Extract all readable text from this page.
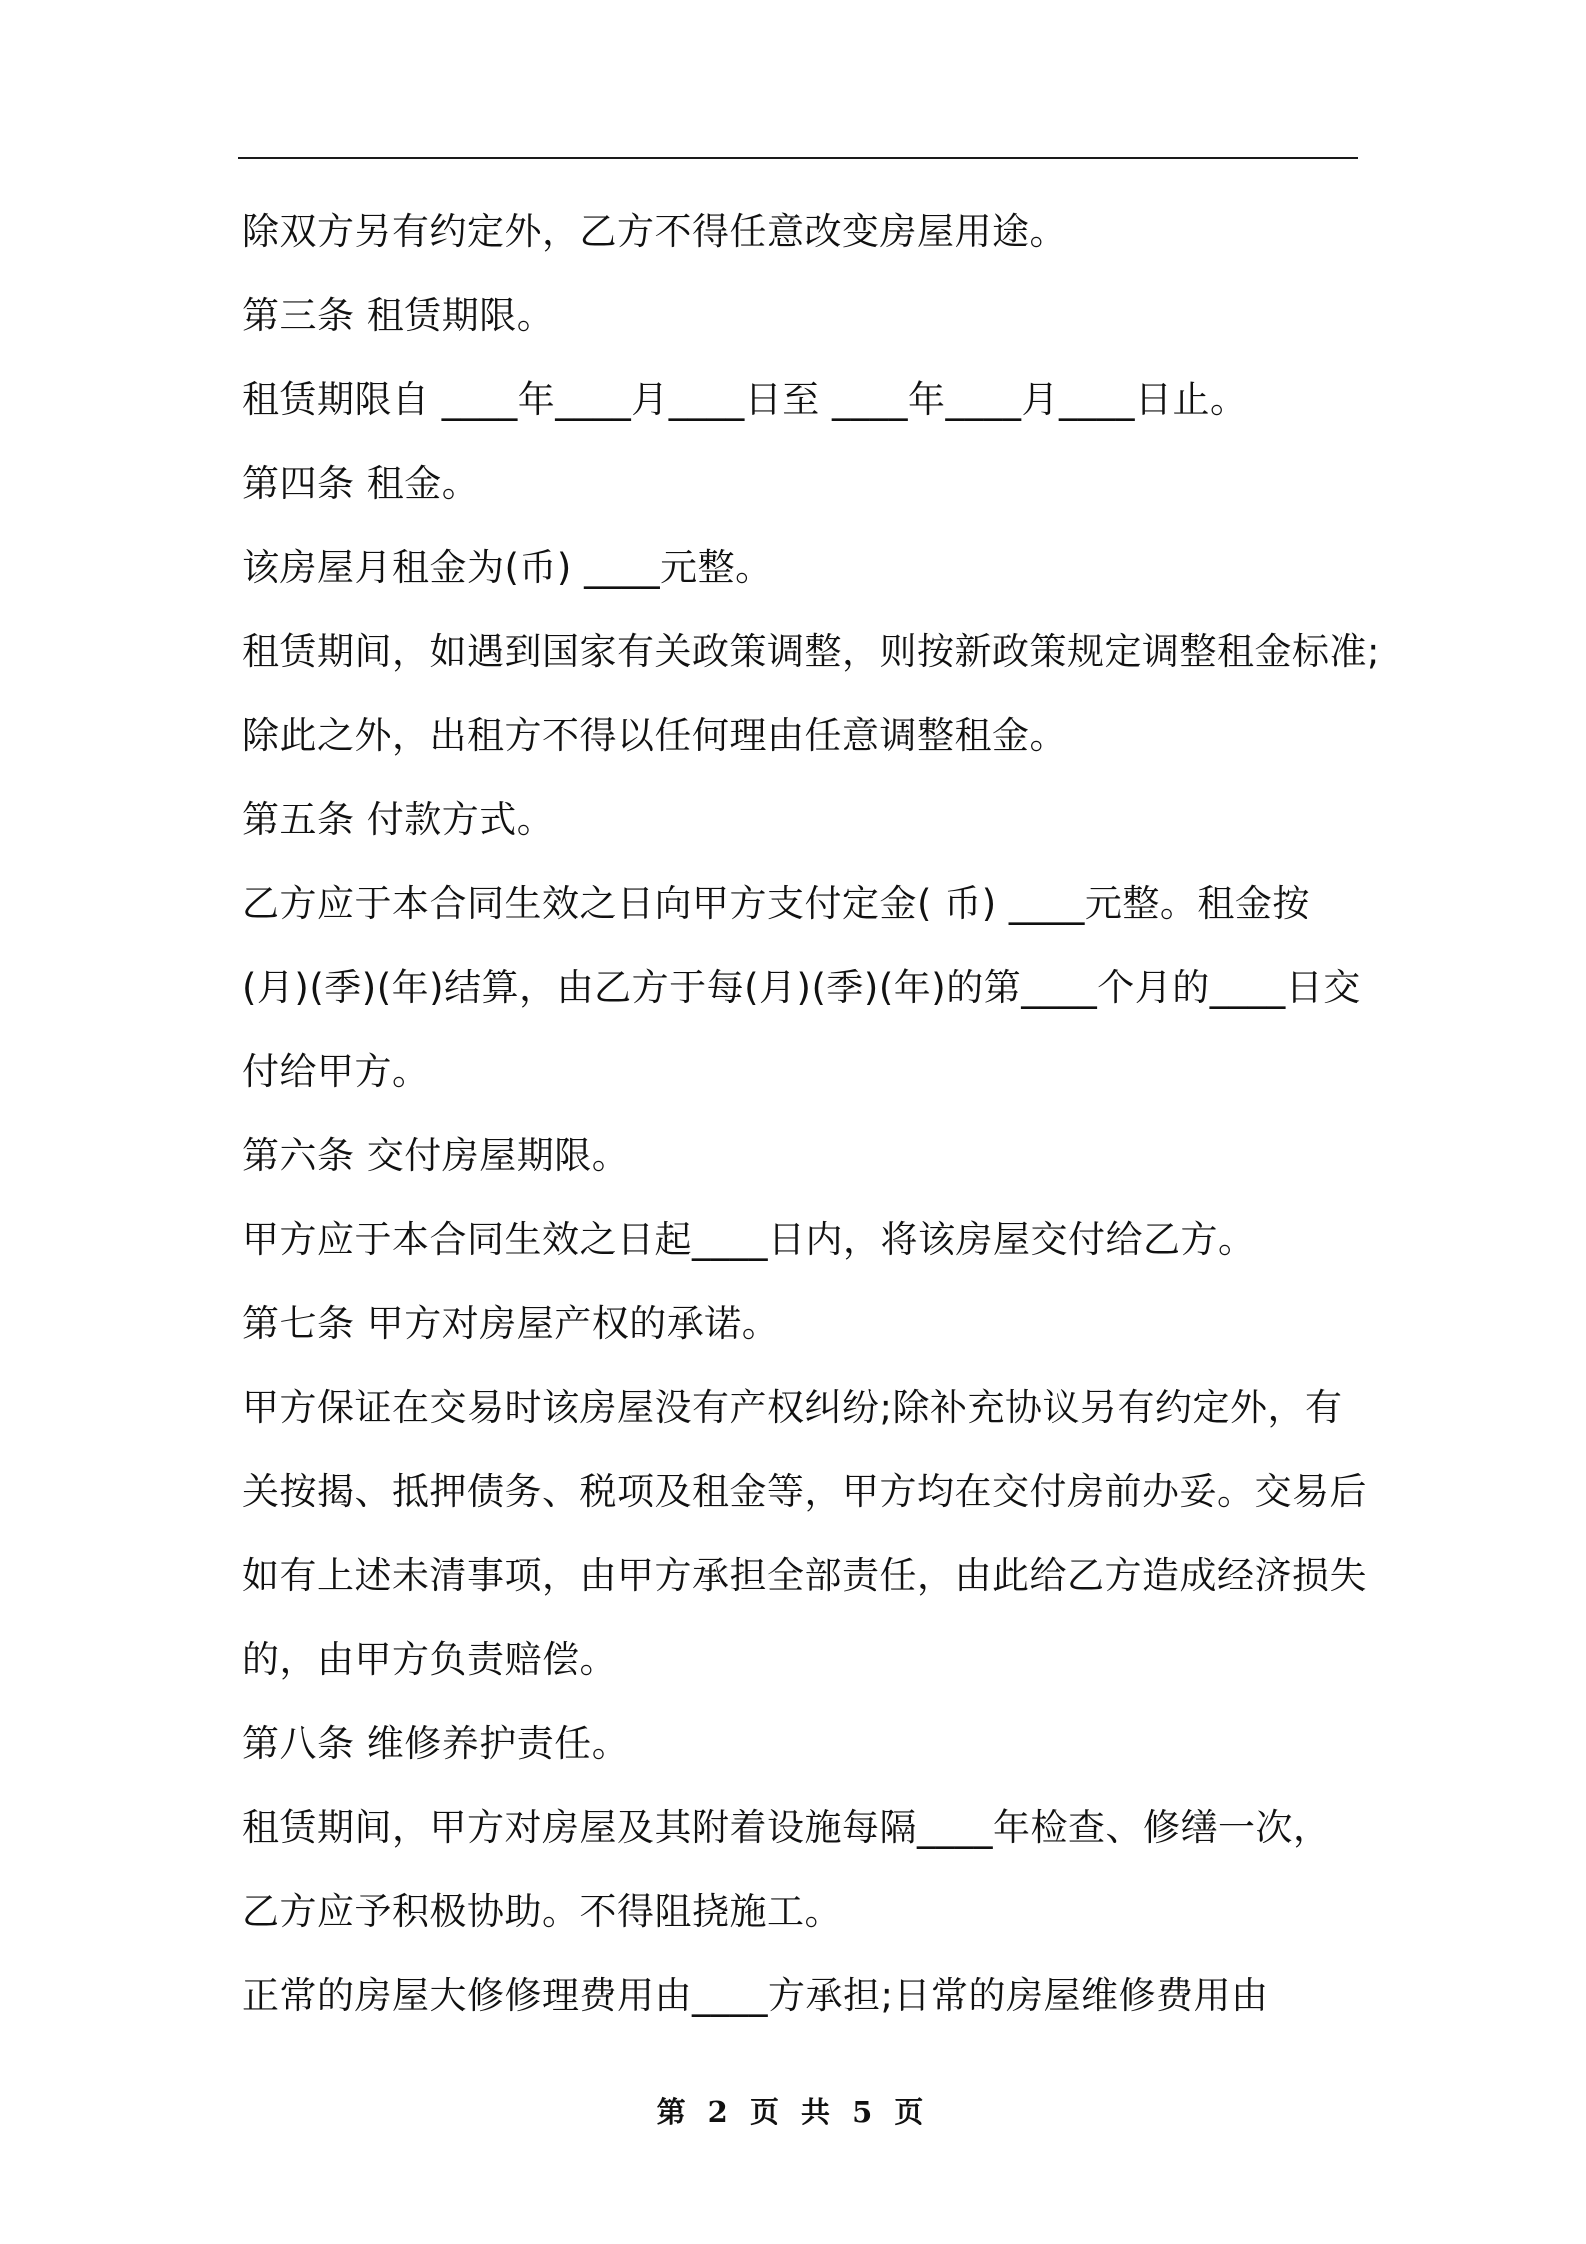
除双方另有约定外，乙方不得任意改变房屋用途。
第三条 租赁期限。
租赁期限自 ____年____月____日至 ____年____月____日止。
第四条 租金。
该房屋月租金为(币) ____元整。
租赁期间，如遇到国家有关政策调整，则按新政策规定调整租金标准;
除此之外，出租方不得以任何理由任意调整租金。
第五条 付款方式。
乙方应于本合同生效之日向甲方支付定金( 币) ____元整。租金按
(月)(季)(年)结算，由乙方于每(月)(季)(年)的第____个月的____日交
付给甲方。
第六条 交付房屋期限。
甲方应于本合同生效之日起____日内，将该房屋交付给乙方。
第七条 甲方对房屋产权的承诺。
甲方保证在交易时该房屋没有产权纠纷;除补充协议另有约定外，有
关按揭、抵押债务、税项及租金等，甲方均在交付房前办妥。交易后
如有上述未清事项，由甲方承担全部责任，由此给乙方造成经济损失
的，由甲方负责赔偿。
第八条 维修养护责任。
租赁期间，甲方对房屋及其附着设施每隔____年检查、修缮一次，
乙方应予积极协助。不得阻挠施工。
正常的房屋大修修理费用由____方承担;日常的房屋维修费用由
第 2 页 共 5 页
